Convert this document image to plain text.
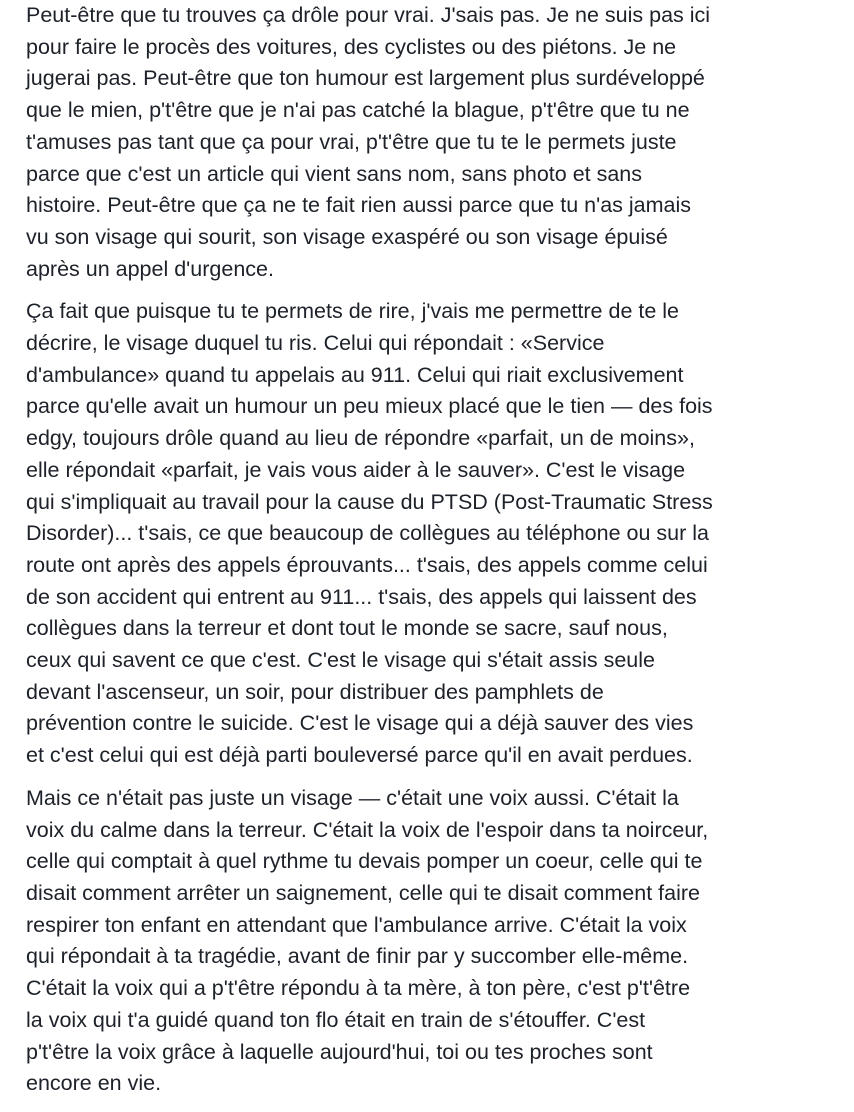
Peut-être que tu trouves ça drôle pour vrai. J'sais pas. Je ne suis pas ici
pour faire le procès des voitures, des cyclistes ou des piétons. Je ne
jugerai pas. Peut-être que ton humour est largement plus surdéveloppé
que le mien, p't'être que je n'ai pas catché la blague, p't'être que tu ne
t'amuses pas tant que ça pour vrai, p't'être que tu te le permets juste
parce que c'est un article qui vient sans nom, sans photo et sans
histoire. Peut-être que ça ne te fait rien aussi parce que tu n'as jamais
vu son visage qui sourit, son visage exaspéré ou son visage épuisé
après un appel d'urgence.

Ça fait que puisque tu te permets de rire, j'vais me permettre de te le
décrire, le visage duquel tu ris. Celui qui répondait : «Service
d'ambulance» quand tu appelais au 911. Celui qui riait exclusivement
parce qu'elle avait un humour un peu mieux placé que le tien — des fois
edgy, toujours drôle quand au lieu de répondre «parfait, un de moins»,
elle répondait «parfait, je vais vous aider à le sauver». C'est le visage
qui s'impliquait au travail pour la cause du PTSD (Post-Traumatic Stress
Disorder)... t'sais, ce que beaucoup de collègues au téléphone ou sur la
route ont après des appels éprouvants... t'sais, des appels comme celui
de son accident qui entrent au 911... t'sais, des appels qui laissent des
collègues dans la terreur et dont tout le monde se sacre, sauf nous,
ceux qui savent ce que c'est. C'est le visage qui s'était assis seule
devant l'ascenseur, un soir, pour distribuer des pamphlets de
prévention contre le suicide. C'est le visage qui a déjà sauver des vies
et c'est celui qui est déjà parti bouleversé parce qu'il en avait perdues.

Mais ce n'était pas juste un visage — c'était une voix aussi. C'était la
voix du calme dans la terreur. C'était la voix de l'espoir dans ta noirceur,
celle qui comptait à quel rythme tu devais pomper un coeur, celle qui te
disait comment arrêter un saignement, celle qui te disait comment faire
respirer ton enfant en attendant que l'ambulance arrive. C'était la voix
qui répondait à ta tragédie, avant de finir par y succomber elle-même.
C'était la voix qui a p't'être répondu à ta mère, à ton père, c'est p't'être
la voix qui t'a guidé quand ton flo était en train de s'étouffer. C'est
p't'être la voix grâce à laquelle aujourd'hui, toi ou tes proches sont
encore en vie.
